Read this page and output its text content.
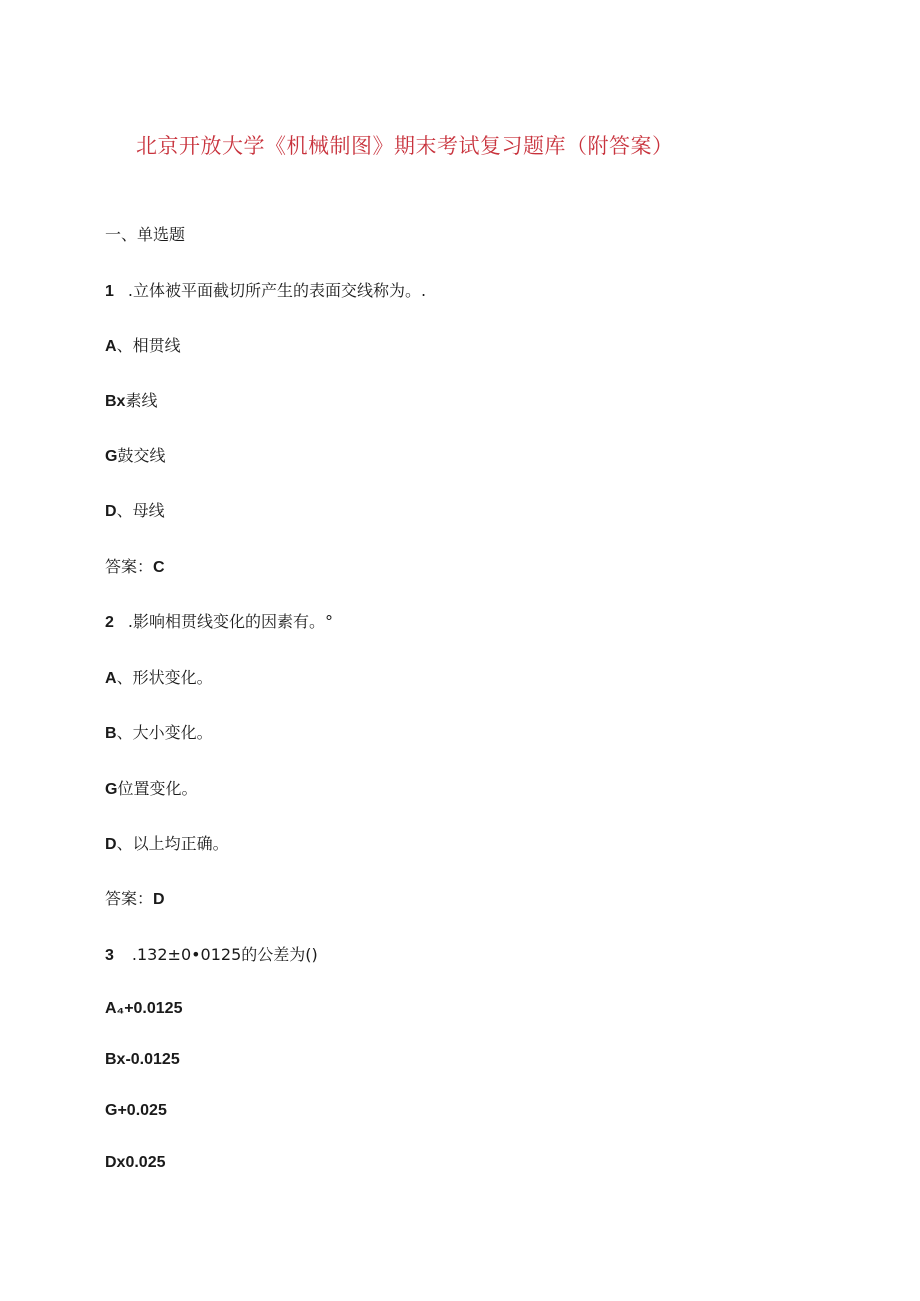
北京开放大学《机械制图》期末考试复习题库（附答案）

一、单选题

1 .立体被平面截切所产生的表面交线称为。.

A、相贯线

Bx素线

G鼓交线

D、母线

答案：C

2 .影响相贯线变化的因素有。°

A、形状变化。

B、大小变化。

G位置变化。

D、以上均正确。

答案：D

3 .132±0•0125的公差为()

A₄+0.0125

Bx-0.0125

G+0.025

Dx0.025
